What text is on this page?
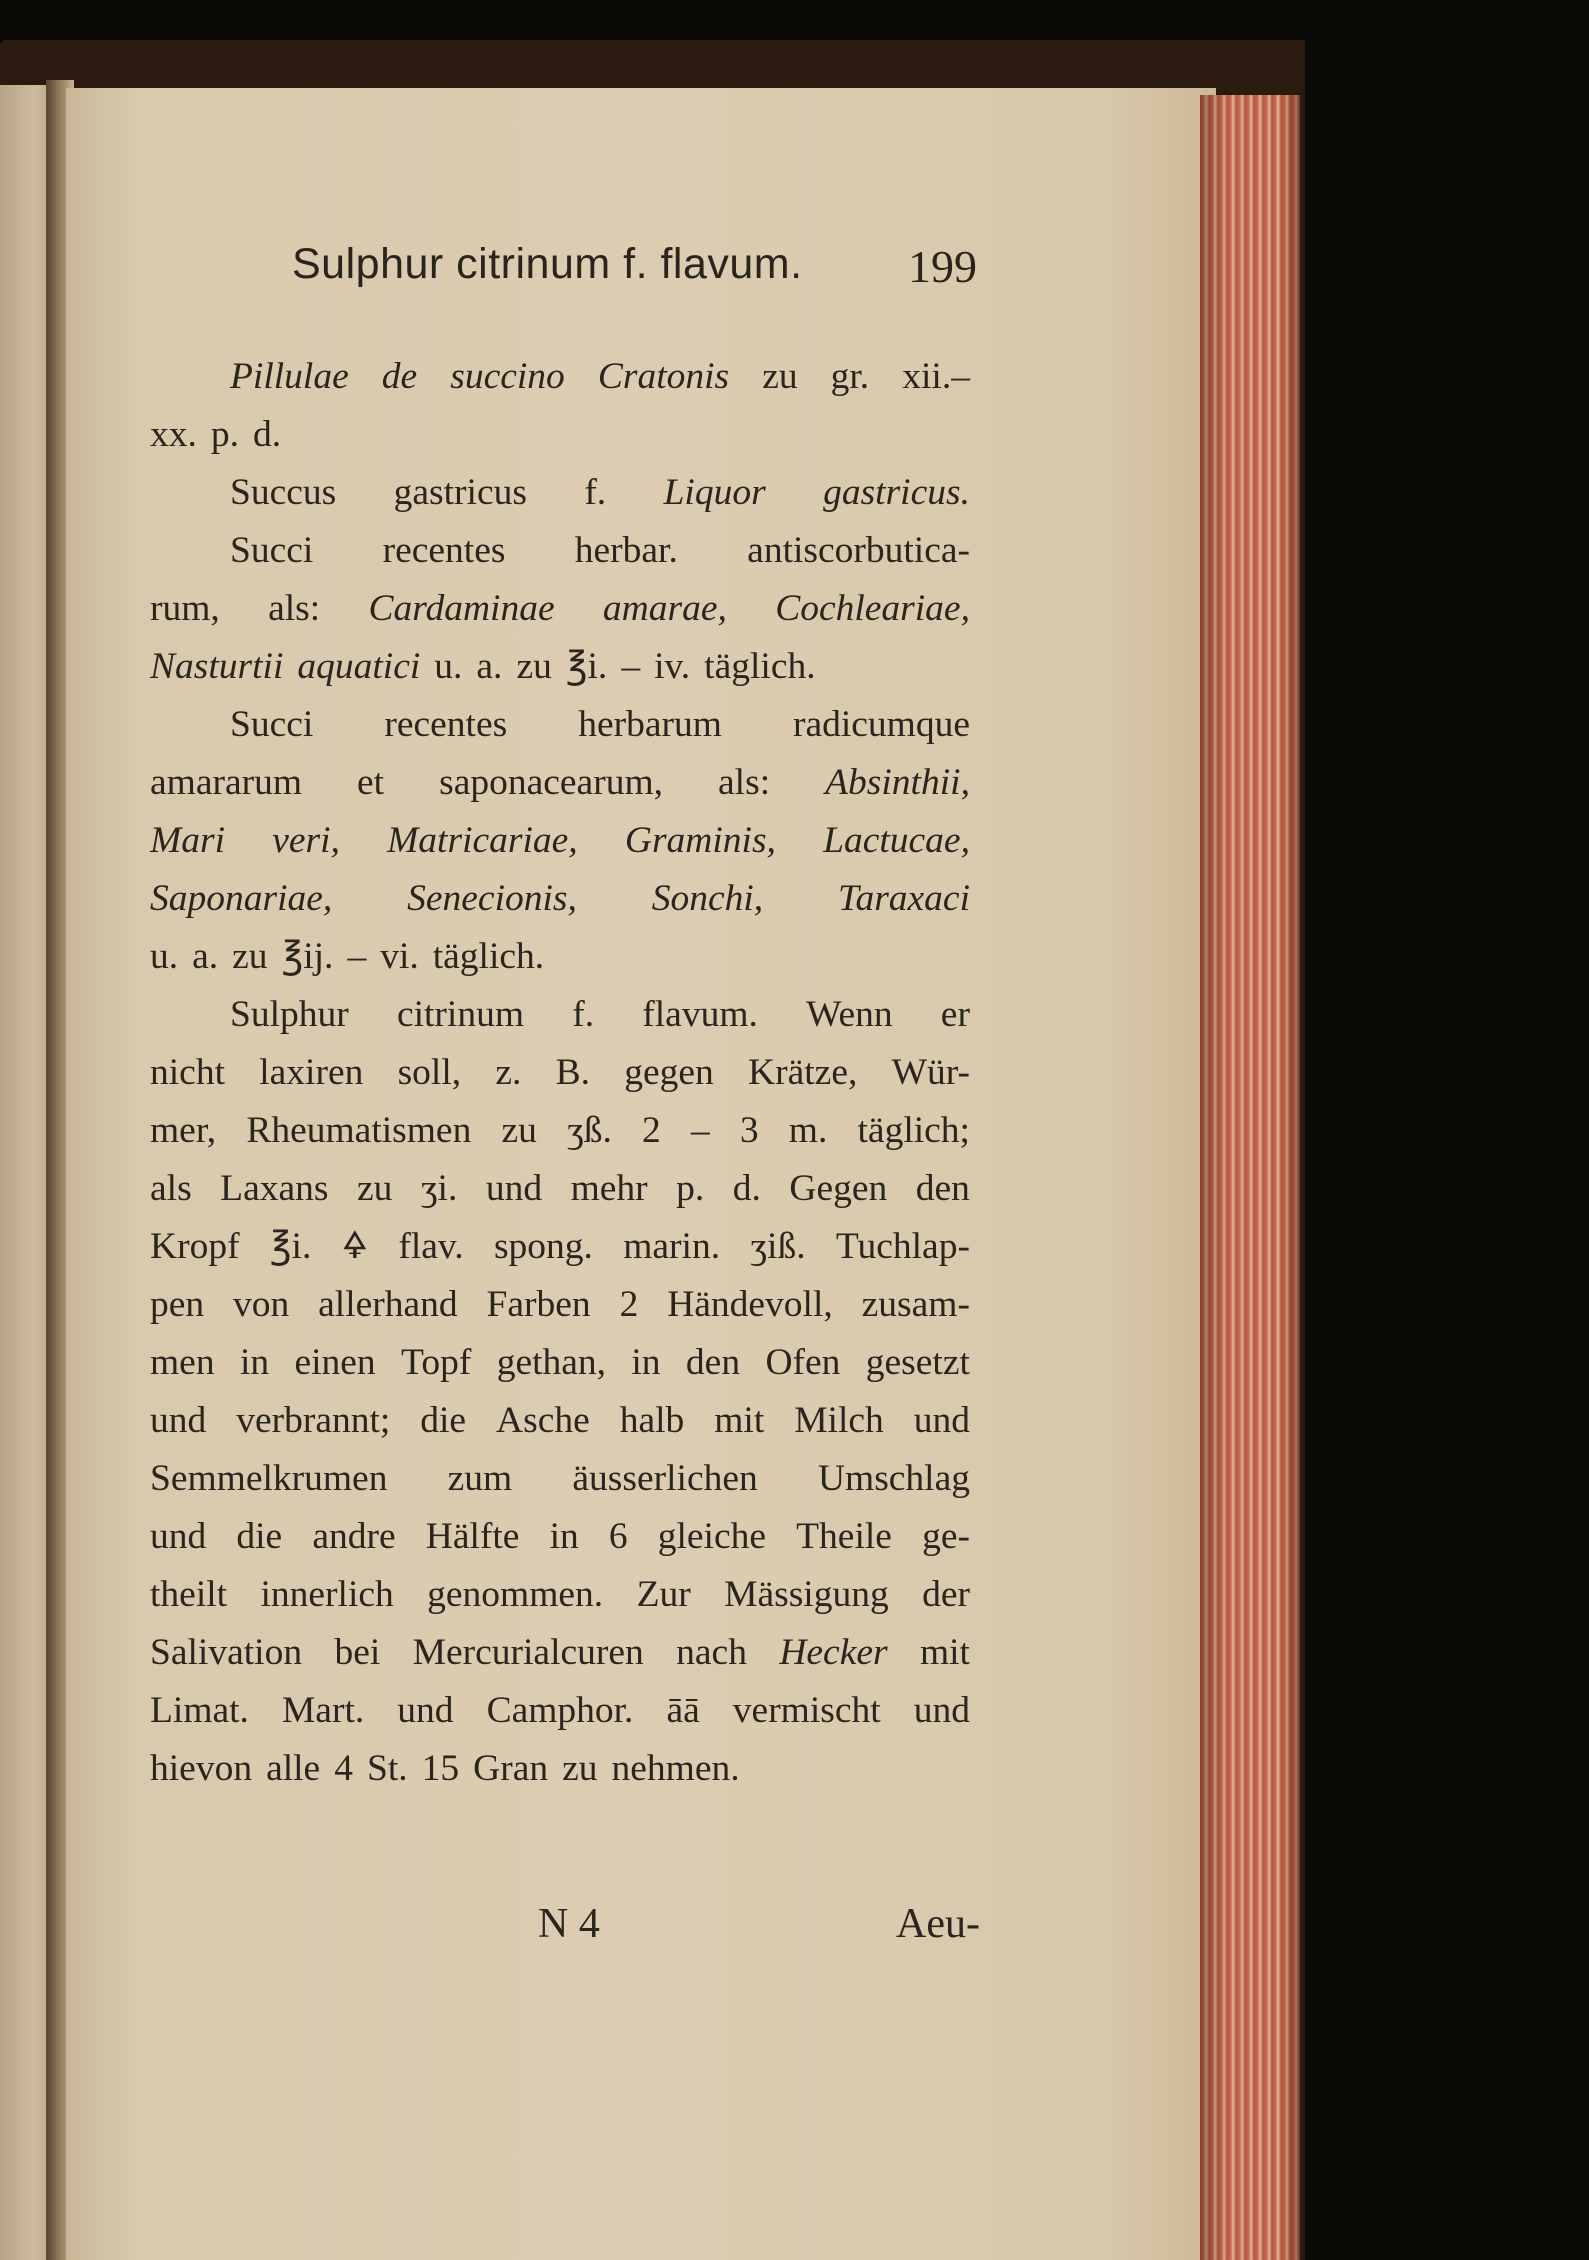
Sulphur citrinum f. flavum. 199
Pillulae de succino Cratonis zu gr. xii.–
xx. p. d.
Succus gastricus f. Liquor gastricus.
Succi recentes herbar. antiscorbutica-
rum, als: Cardaminae amarae, Cochleariae,
Nasturtii aquatici u. a. zu ℥i. – iv. täglich.
Succi recentes herbarum radicumque
amararum et saponacearum, als: Absinthii,
Mari veri, Matricariae, Graminis, Lactucae,
Saponariae, Senecionis, Sonchi, Taraxaci
u. a. zu ℥ij. – vi. täglich.
Sulphur citrinum f. flavum. Wenn er
nicht laxiren soll, z. B. gegen Krätze, Wür-
mer, Rheumatismen zu ʒß. 2 – 3 m. täglich;
als Laxans zu ʒi. und mehr p. d. Gegen den
Kropf ℥i. 🜍 flav. spong. marin. ʒiß. Tuchlap-
pen von allerhand Farben 2 Händevoll, zusam-
men in einen Topf gethan, in den Ofen gesetzt
und verbrannt; die Asche halb mit Milch und
Semmelkrumen zum äusserlichen Umschlag
und die andre Hälfte in 6 gleiche Theile ge-
theilt innerlich genommen. Zur Mässigung der
Salivation bei Mercurialcuren nach Hecker mit
Limat. Mart. und Camphor. āā vermischt und
hievon alle 4 St. 15 Gran zu nehmen.
N 4	Aeu-
